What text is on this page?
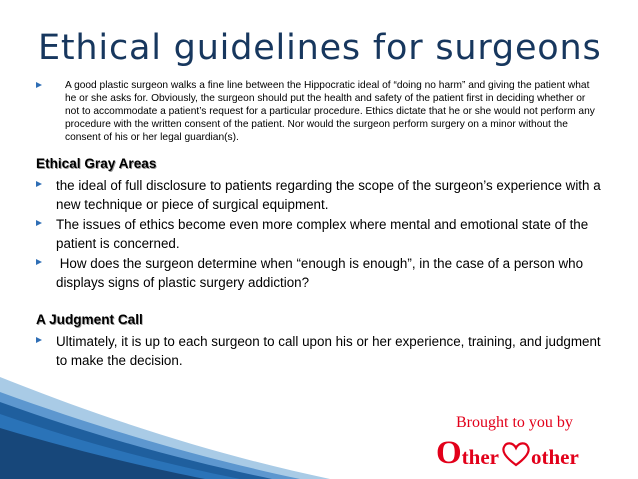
Ethical guidelines for surgeons
A good plastic surgeon walks a fine line between the Hippocratic ideal of “doing no harm” and giving the patient what he or she asks for. Obviously, the surgeon should put the health and safety of the patient first in deciding whether or not to accommodate a patient’s request for a particular procedure. Ethics dictate that he or she would not perform any procedure with the written consent of the patient. Nor would the surgeon perform surgery on a minor without the consent of his or her legal guardian(s).
Ethical Gray Areas
the ideal of full disclosure to patients regarding the scope of the surgeon’s experience with a new technique or piece of surgical equipment.
The issues of ethics become even more complex where mental and emotional state of the patient is concerned.
How does the surgeon determine when “enough is enough”, in the case of a person who displays signs of plastic surgery addiction?
A Judgment Call
Ultimately, it is up to each surgeon to call upon his or her experience, training, and judgment to make the decision.
Brought to you by
O ther other
